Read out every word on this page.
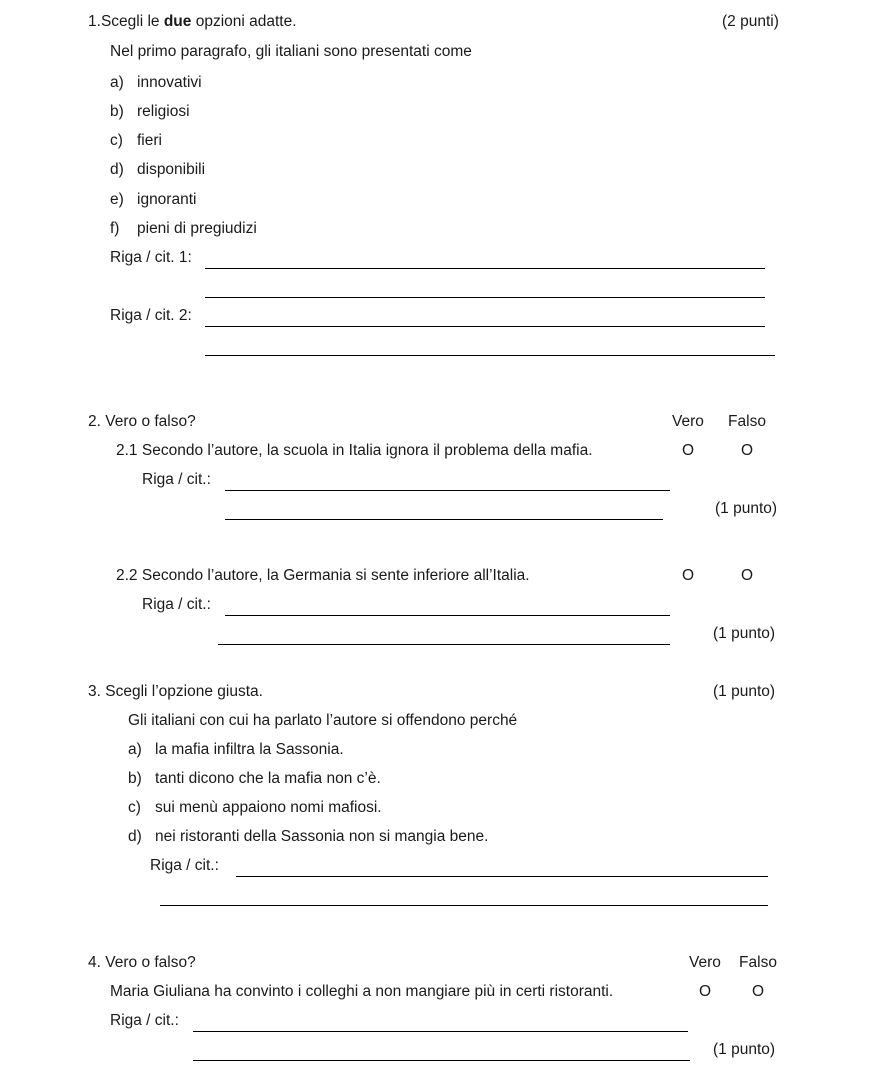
1.Scegli le due opzioni adatte.	(2 punti)
Nel primo paragrafo, gli italiani sono presentati come
a) innovativi
b) religiosi
c) fieri
d) disponibili
e) ignoranti
f) pieni di pregiudizi
Riga / cit. 1:
Riga / cit. 2:
2. Vero o falso?	Vero	Falso
2.1 Secondo l’autore, la scuola in Italia ignora il problema della mafia.	O	O
Riga / cit.:
(1 punto)
2.2 Secondo l’autore, la Germania si sente inferiore all’Italia.	O	O
Riga / cit.:
(1 punto)
3. Scegli l’opzione giusta.	(1 punto)
Gli italiani con cui ha parlato l’autore si offendono perché
a) la mafia infiltra la Sassonia.
b) tanti dicono che la mafia non c’è.
c) sui menù appaiono nomi mafiosi.
d) nei ristoranti della Sassonia non si mangia bene.
Riga / cit.:
4. Vero o falso?	Vero	Falso
Maria Giuliana ha convinto i colleghi a non mangiare più in certi ristoranti.	O	O
Riga / cit.:
(1 punto)
